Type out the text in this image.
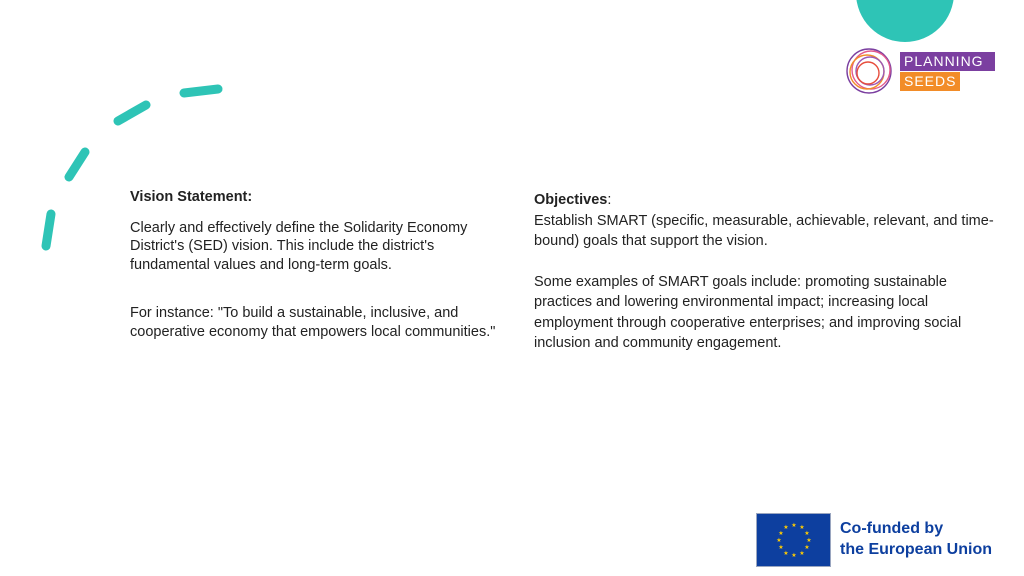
PLANNING
SEEDS

Vision Statement:

Clearly and effectively define the Solidarity Economy District's (SED) vision. This include the district's fundamental values and long-term goals.

For instance: "To build a sustainable, inclusive, and cooperative economy that empowers local communities."

Objectives:

Establish SMART (specific, measurable, achievable, relevant, and time-bound) goals that support the vision.

Some examples of SMART goals include: promoting sustainable practices and lowering environmental impact; increasing local employment through cooperative enterprises; and improving social inclusion and community engagement.

★ ★
★
★
★
★
★
★
★
★
★
★	Co-funded by
the European Union
